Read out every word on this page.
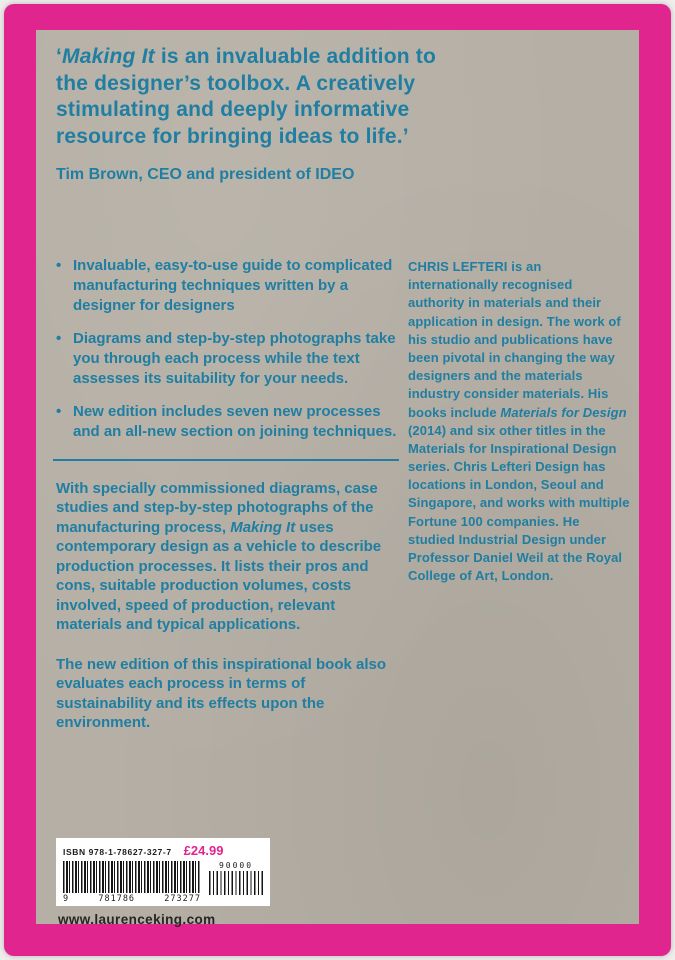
‘Making It is an invaluable addition to the designer’s toolbox. A creatively stimulating and deeply informative resource for bringing ideas to life.’

Tim Brown, CEO and president of IDEO

• Invaluable, easy-to-use guide to complicated manufacturing techniques written by a designer for designers
• Diagrams and step-by-step photographs take you through each process while the text assesses its suitability for your needs.
• New edition includes seven new processes and an all-new section on joining techniques.

With specially commissioned diagrams, case studies and step-by-step photographs of the manufacturing process, Making It uses contemporary design as a vehicle to describe production processes. It lists their pros and cons, suitable production volumes, costs involved, speed of production, relevant materials and typical applications.

The new edition of this inspirational book also evaluates each process in terms of sustainability and its effects upon the environment.

CHRIS LEFTERI is an internationally recognised authority in materials and their application in design. The work of his studio and publications have been pivotal in changing the way designers and the materials industry consider materials. His books include Materials for Design (2014) and six other titles in the Materials for Inspirational Design series. Chris Lefteri Design has locations in London, Seoul and Singapore, and works with multiple Fortune 100 companies. He studied Industrial Design under Professor Daniel Weil at the Royal College of Art, London.

ISBN 978-1-78627-327-7 £24.99
9	781786	273277
90000
www.laurenceking.com
